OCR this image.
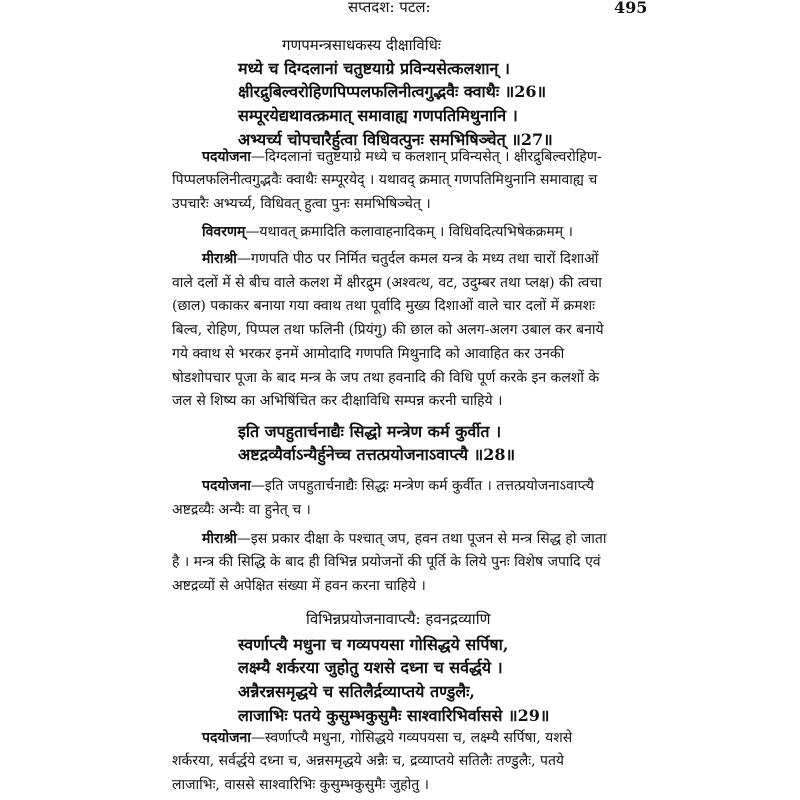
सप्तदश: पटल:	495
गणपमन्त्रसाधकस्य दीक्षाविधिः
मध्ये च दिग्दलानां चतुष्टयाग्रे प्रविन्यसेत्कलशान् ।
क्षीरद्रुबिल्वरोहिणपिप्पलफलिनीत्वगुद्भवैः क्वाथैः ॥26॥
सम्पूरयेद्यथावत्क्रमात् समावाह्य गणपतिमिथुनानि ।
अभ्यर्च्य चोपचारैर्हुत्वा विधिवत्पुनः समभिषिञ्चेत् ॥27॥
पदयोजना—दिग्दलानां चतुष्टयाग्रे मध्ये च कलशान् प्रविन्यसेत् । क्षीरद्रुबिल्वरोहिण-
पिप्पलफलिनीत्वगुद्भवैः क्वाथैः सम्पूरयेद् । यथावद् क्रमात् गणपतिमिथुनानि समावाह्य च
उपचारैः अभ्यर्च्य, विधिवत् हुत्वा पुनः समभिषिञ्चेत् ।
विवरणम्—यथावत् क्रमादिति कलावाहनादिकम् । विधिवदित्यभिषेकक्रमम् ।
मीराश्री—गणपति पीठ पर निर्मित चतुर्दल कमल यन्त्र के मध्य तथा चारों दिशाओं
वाले दलों में से बीच वाले कलश में क्षीरद्रुम (अश्वत्थ, वट, उदुम्बर तथा प्लक्ष) की त्वचा
(छाल) पकाकर बनाया गया क्वाथ तथा पूर्वादि मुख्य दिशाओं वाले चार दलों में क्रमशः
बिल्व, रोहिण, पिप्पल तथा फलिनी (प्रियंगु) की छाल को अलग-अलग उबाल कर बनाये
गये क्वाथ से भरकर इनमें आमोदादि गणपति मिथुनादि को आवाहित कर उनकी
षोडशोपचार पूजा के बाद मन्त्र के जप तथा हवनादि की विधि पूर्ण करके इन कलशों के
जल से शिष्य का अभिषिंचित कर दीक्षाविधि सम्पन्न करनी चाहिये ।
इति जपहुतार्चनाद्यैः सिद्धो मन्त्रेण कर्म कुर्वीत ।
अष्टद्रव्यैर्वाऽन्यैर्हुनेच्च तत्तत्प्रयोजनाऽवाप्त्यै ॥28॥
पदयोजना—इति जपहुतार्चनाद्यैः सिद्धः मन्त्रेण कर्म कुर्वीत । तत्तत्प्रयोजनाऽवाप्त्यै
अष्टद्रव्यैः अन्यैः वा हुनेत् च ।
मीराश्री—इस प्रकार दीक्षा के पश्चात् जप, हवन तथा पूजन से मन्त्र सिद्ध हो जाता
है । मन्त्र की सिद्धि के बाद ही विभिन्न प्रयोजनों की पूर्ति के लिये पुनः विशेष जपादि एवं
अष्टद्रव्यों से अपेक्षित संख्या में हवन करना चाहिये ।
विभिन्नप्रयोजनावाप्त्यै: हवनद्रव्याणि
स्वर्णाप्त्यै मधुना च गव्यपयसा गोसिद्धये सर्पिषा,
लक्ष्म्यै शर्करया जुहोतु यशसे दध्ना च सर्वर्द्धये ।
अन्नैरन्नसमृद्धये च सतिलैर्द्रव्याप्तये तण्डुलैः,
लाजाभिः पतये कुसुम्भकुसुमैः साश्वारिभिर्वाससे ॥29॥
पदयोजना—स्वर्णाप्त्यै मधुना, गोसिद्धये गव्यपयसा च, लक्ष्म्यै सर्पिषा, यशसे
शर्करया, सर्वर्द्धये दध्ना च, अन्नसमृद्धये अन्नैः च, द्रव्याप्तये सतिलैः तण्डुलैः, पतये
लाजाभिः, वाससे साश्वारिभिः कुसुम्भकुसुमैः जुहोतु ।
